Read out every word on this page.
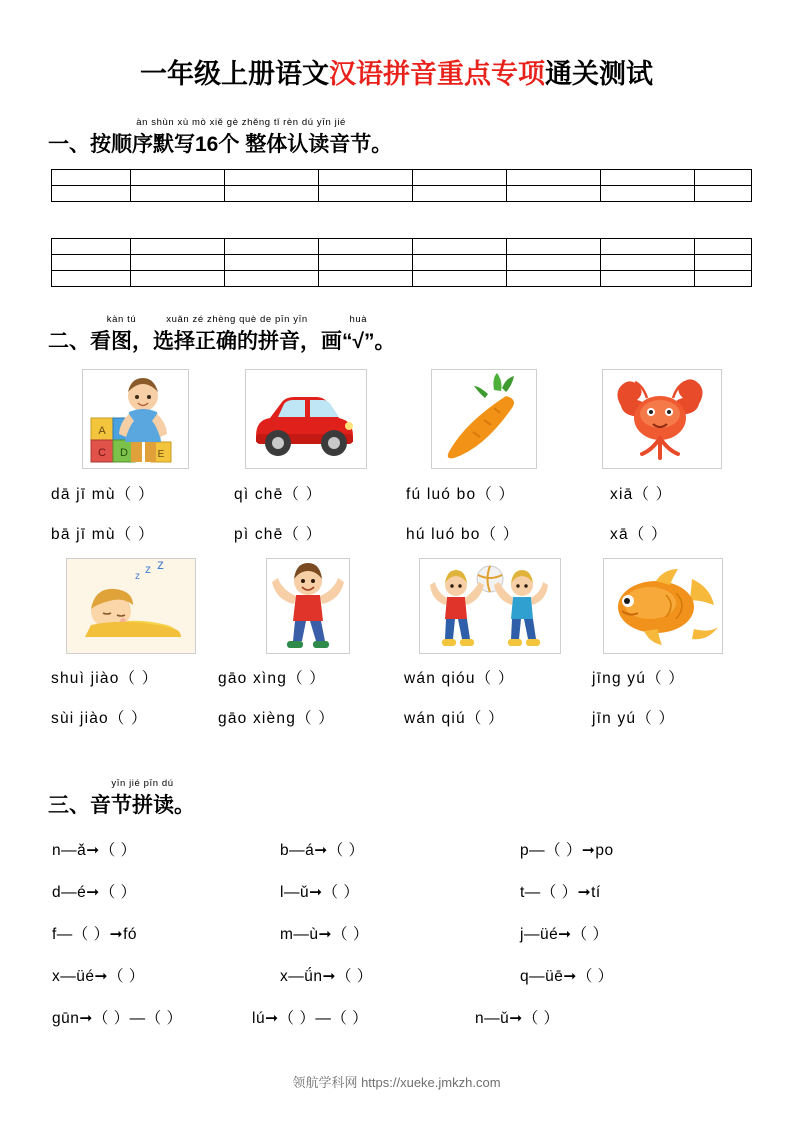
一年级上册语文汉语拼音重点专项通关测试
一、
àn shùn xù mò xiě gè zhěng tǐ rèn dú yīn jié
按顺序默写16个 整体认读音节。

二、
kàn tú
看图，
xuǎn zé zhèng què de pīn yīn
选择正确的拼音，
huà
画“√”。
A
C D	E
dā jī mù（ ）	qì chē（ ）	fú luó bo（ ）	xiā（ ）
bā jī mù（ ）	pì chē（ ）	hú luó bo（ ）	xā（ ）
z
z z
shuì jiào（ ）	gāo xìng（ ）	wán qióu（ ）	jīng yú（ ）
sùi jiào（ ）	gāo xièng（ ）	wán qiú（ ）	jīn yú（ ）
三、
yīn jié pīn dú
音节拼读。
n—ǎ➞（ ）	b—á➞（ ）	p—（ ）➞po
d—é➞（ ）	l—ǔ➞（ ）	t—（ ）➞tí
f—（ ）➞fó	m—ù➞（ ）	j—üé➞（ ）
x—üé➞（ ）	x—ǘn➞（ ）	q—üē➞（ ）
gūn➞（ ）—（ ）	lú➞（ ）—（ ）	n—ǔ➞（ ）
领航学科网 https://xueke.jmkzh.com
